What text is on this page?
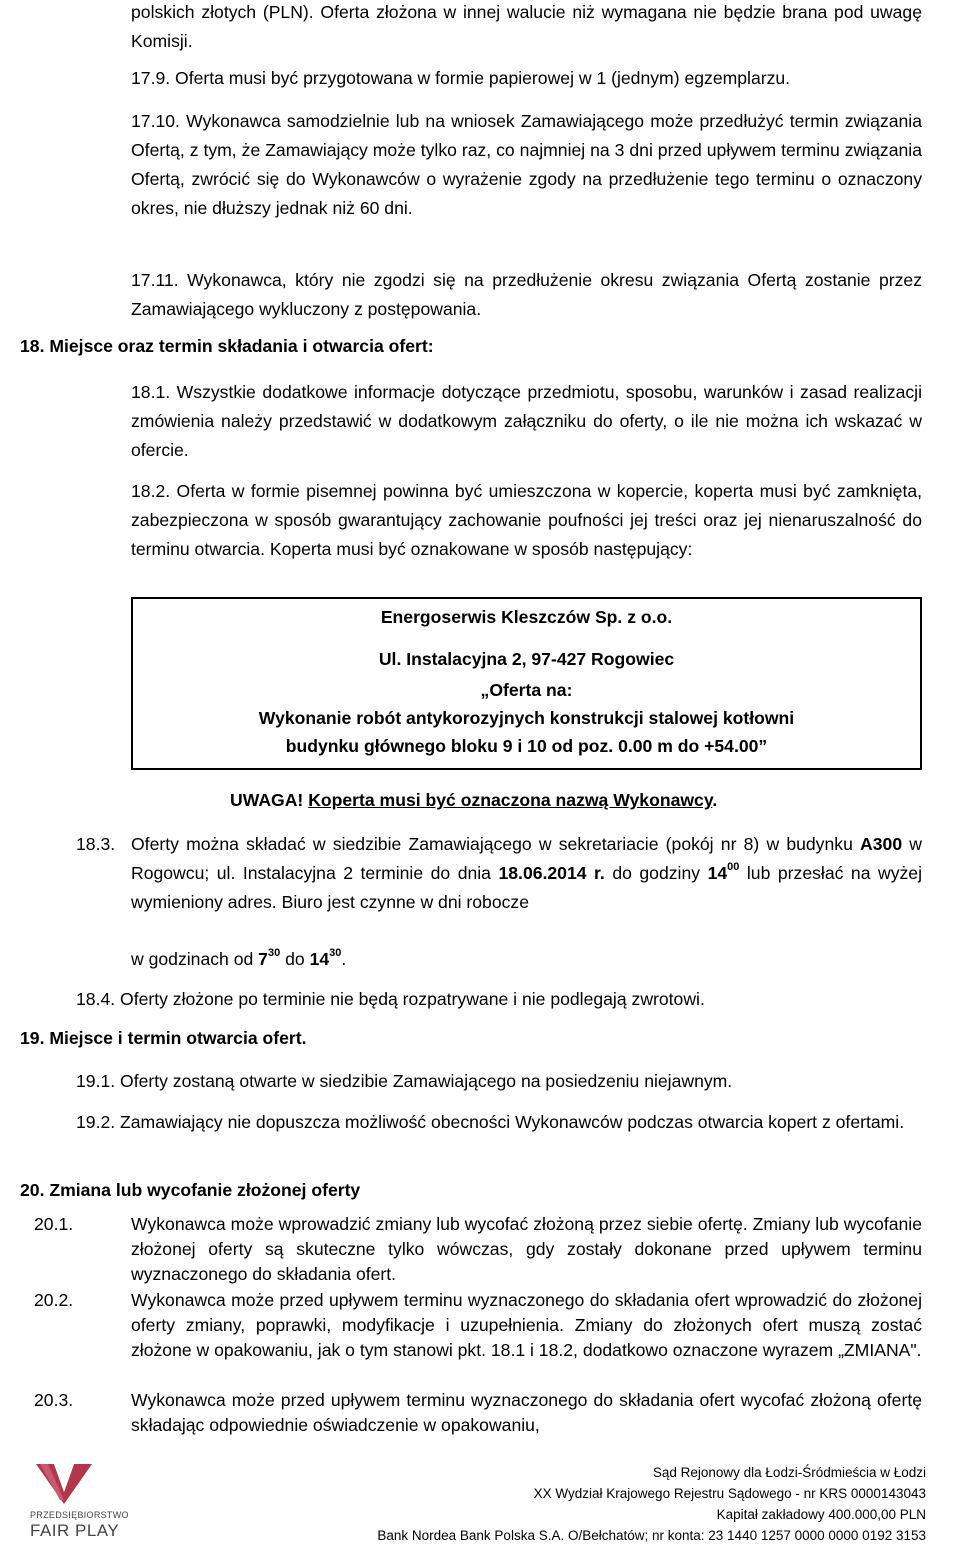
polskich złotych (PLN). Oferta złożona w innej walucie niż wymagana nie będzie brana pod uwagę Komisji.
17.9. Oferta musi być przygotowana w formie papierowej w 1 (jednym) egzemplarzu.
17.10. Wykonawca samodzielnie lub na wniosek Zamawiającego może przedłużyć termin związania Ofertą, z tym, że Zamawiający może tylko raz, co najmniej na 3 dni przed upływem terminu związania Ofertą, zwrócić się do Wykonawców o wyrażenie zgody na przedłużenie tego terminu o oznaczony okres, nie dłuższy jednak niż 60 dni.
17.11. Wykonawca, który nie zgodzi się na przedłużenie okresu związania Ofertą zostanie przez Zamawiającego wykluczony z postępowania.
18. Miejsce oraz termin składania i otwarcia ofert:
18.1. Wszystkie dodatkowe informacje dotyczące przedmiotu, sposobu, warunków i zasad realizacji zmówienia należy przedstawić w dodatkowym załączniku do oferty, o ile nie można ich wskazać w ofercie.
18.2. Oferta w formie pisemnej powinna być umieszczona w kopercie, koperta musi być zamknięta, zabezpieczona w sposób gwarantujący zachowanie poufności jej treści oraz jej nienaruszalność do terminu otwarcia. Koperta musi być oznakowane w sposób następujący:
Energoserwis Kleszczów Sp. z o.o.
Ul. Instalacyjna 2, 97-427 Rogowiec
„Oferta na:
Wykonanie robót antykorozyjnych konstrukcji stalowej kotłowni
budynku głównego bloku 9 i 10 od poz. 0.00 m do +54.00”
UWAGA! Koperta musi być oznaczona nazwą Wykonawcy.
18.3. Oferty można składać w siedzibie Zamawiającego w sekretariacie (pokój nr 8) w budynku A300 w Rogowcu; ul. Instalacyjna 2 terminie do dnia 18.06.2014 r. do godziny $14^{00}$ lub przesłać na wyżej wymieniony adres. Biuro jest czynne w dni robocze
w godzinach od $7^{30}$ do $14^{30}$.
18.4. Oferty złożone po terminie nie będą rozpatrywane i nie podlegają zwrotowi.
19. Miejsce i termin otwarcia ofert.
19.1. Oferty zostaną otwarte w siedzibie Zamawiającego na posiedzeniu niejawnym.
19.2. Zamawiający nie dopuszcza możliwość obecności Wykonawców podczas otwarcia kopert z ofertami.
20. Zmiana lub wycofanie złożonej oferty
20.1.	Wykonawca może wprowadzić zmiany lub wycofać złożoną przez siebie ofertę. Zmiany lub wycofanie złożonej oferty są skuteczne tylko wówczas, gdy zostały dokonane przed upływem terminu wyznaczonego do składania ofert.
20.2.	Wykonawca może przed upływem terminu wyznaczonego do składania ofert wprowadzić do złożonej oferty zmiany, poprawki, modyfikacje i uzupełnienia. Zmiany do złożonych ofert muszą zostać złożone w opakowaniu, jak o tym stanowi pkt. 18.1 i 18.2, dodatkowo oznaczone wyrazem „ZMIANA".
20.3.	Wykonawca może przed upływem terminu wyznaczonego do składania ofert wycofać złożoną ofertę składając odpowiednie oświadczenie w opakowaniu,
PRZEDSIĘBIORSTWO
FAIR PLAY
Sąd Rejonowy dla Łodzi-Śródmieścia w Łodzi
XX Wydział Krajowego Rejestru Sądowego - nr KRS 0000143043
Kapitał zakładowy 400.000,00 PLN
Bank Nordea Bank Polska S.A. O/Bełchatów; nr konta: 23 1440 1257 0000 0000 0192 3153
